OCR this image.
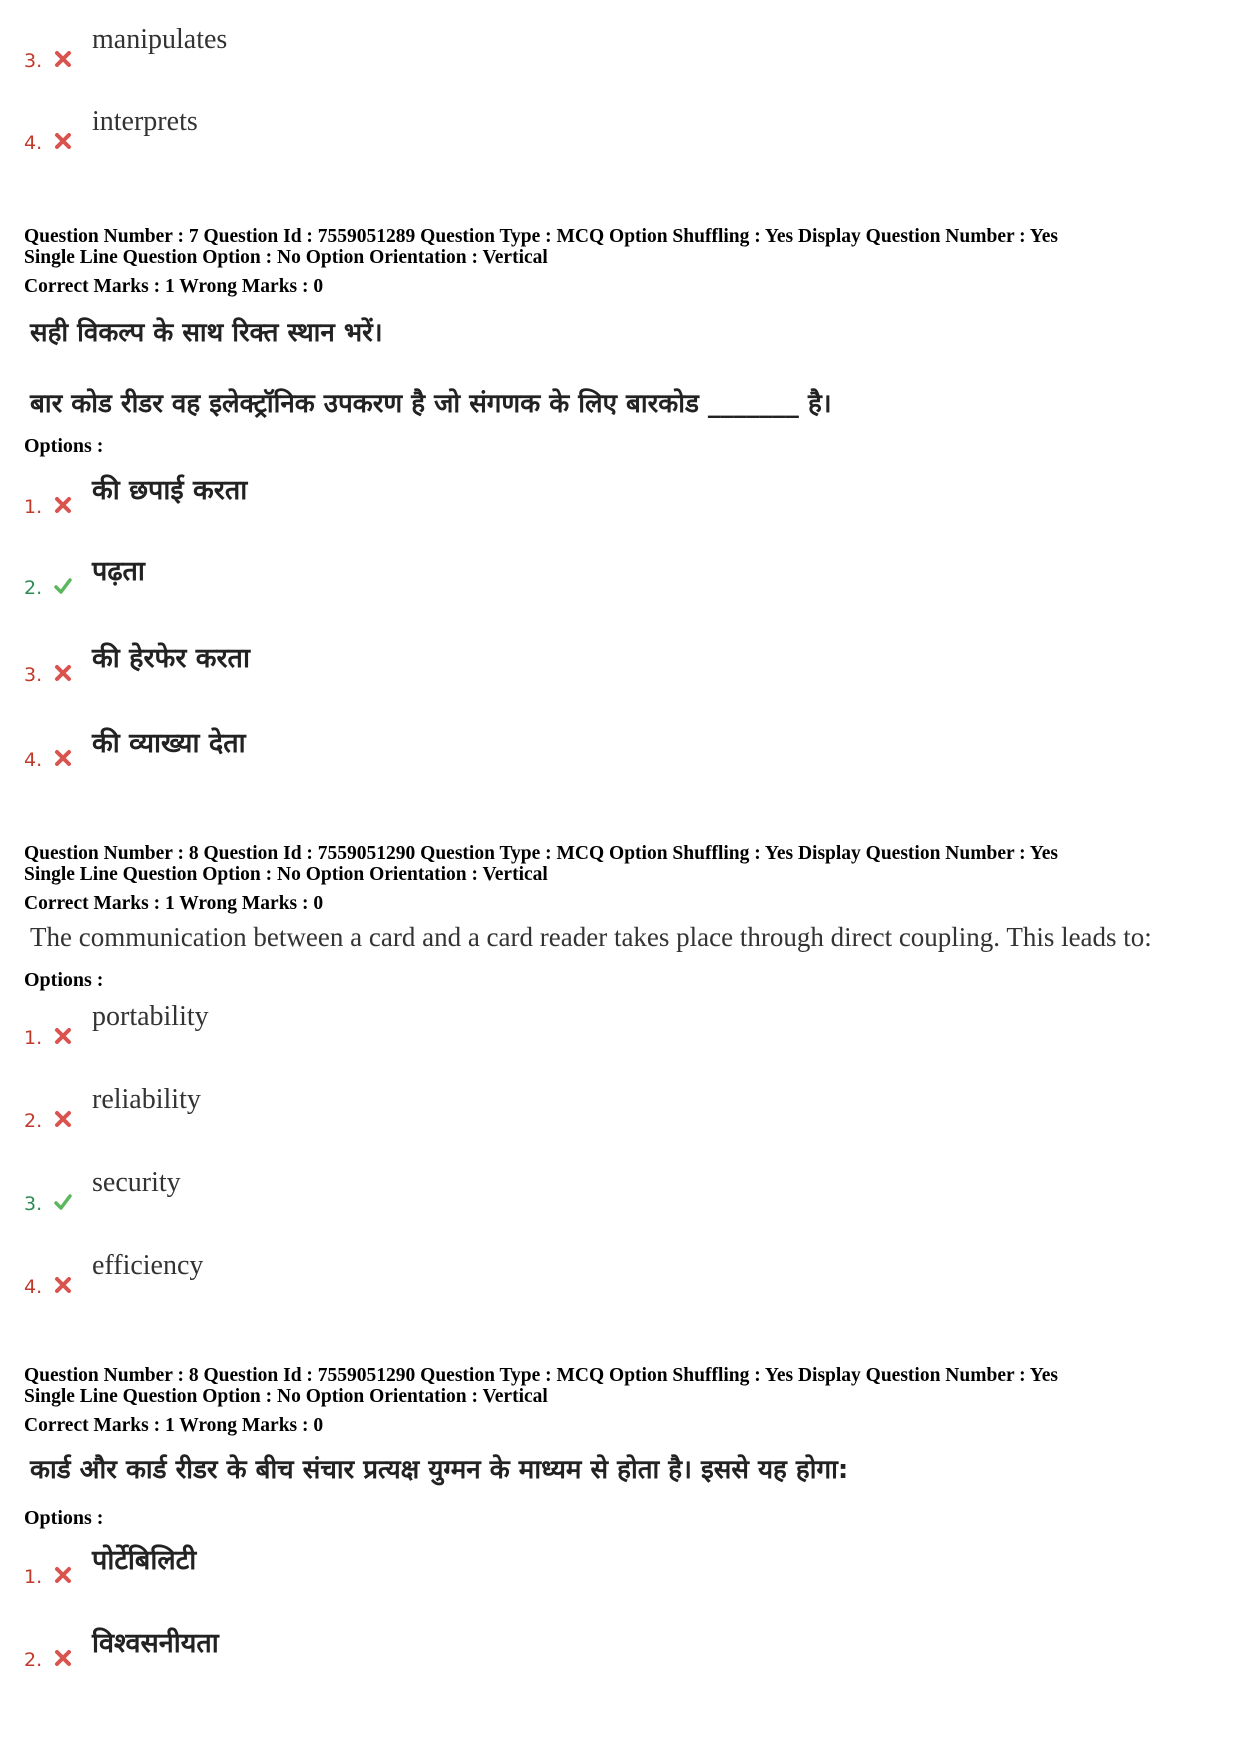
3.
manipulates
4.
interprets
Question Number : 7 Question Id : 7559051289 Question Type : MCQ Option Shuffling : Yes Display Question Number : Yes
Single Line Question Option : No Option Orientation : Vertical
Correct Marks : 1 Wrong Marks : 0
सही विकल्प के साथ रिक्त स्थान भरें।
बार कोड रीडर वह इलेक्ट्रॉनिक उपकरण है जो संगणक के लिए बारकोड _______ है।
Options :
1.
की छपाई करता
2.
पढ़ता
3.
की हेरफेर करता
4.
की व्याख्या देता
Question Number : 8 Question Id : 7559051290 Question Type : MCQ Option Shuffling : Yes Display Question Number : Yes
Single Line Question Option : No Option Orientation : Vertical
Correct Marks : 1 Wrong Marks : 0
The communication between a card and a card reader takes place through direct coupling. This leads to:
Options :
1.
portability
2.
reliability
3.
security
4.
efficiency
Question Number : 8 Question Id : 7559051290 Question Type : MCQ Option Shuffling : Yes Display Question Number : Yes
Single Line Question Option : No Option Orientation : Vertical
Correct Marks : 1 Wrong Marks : 0
कार्ड और कार्ड रीडर के बीच संचार प्रत्यक्ष युग्मन के माध्यम से होता है। इससे यह होगा:
Options :
1.
पोर्टेबिलिटी
2.
विश्वसनीयता
